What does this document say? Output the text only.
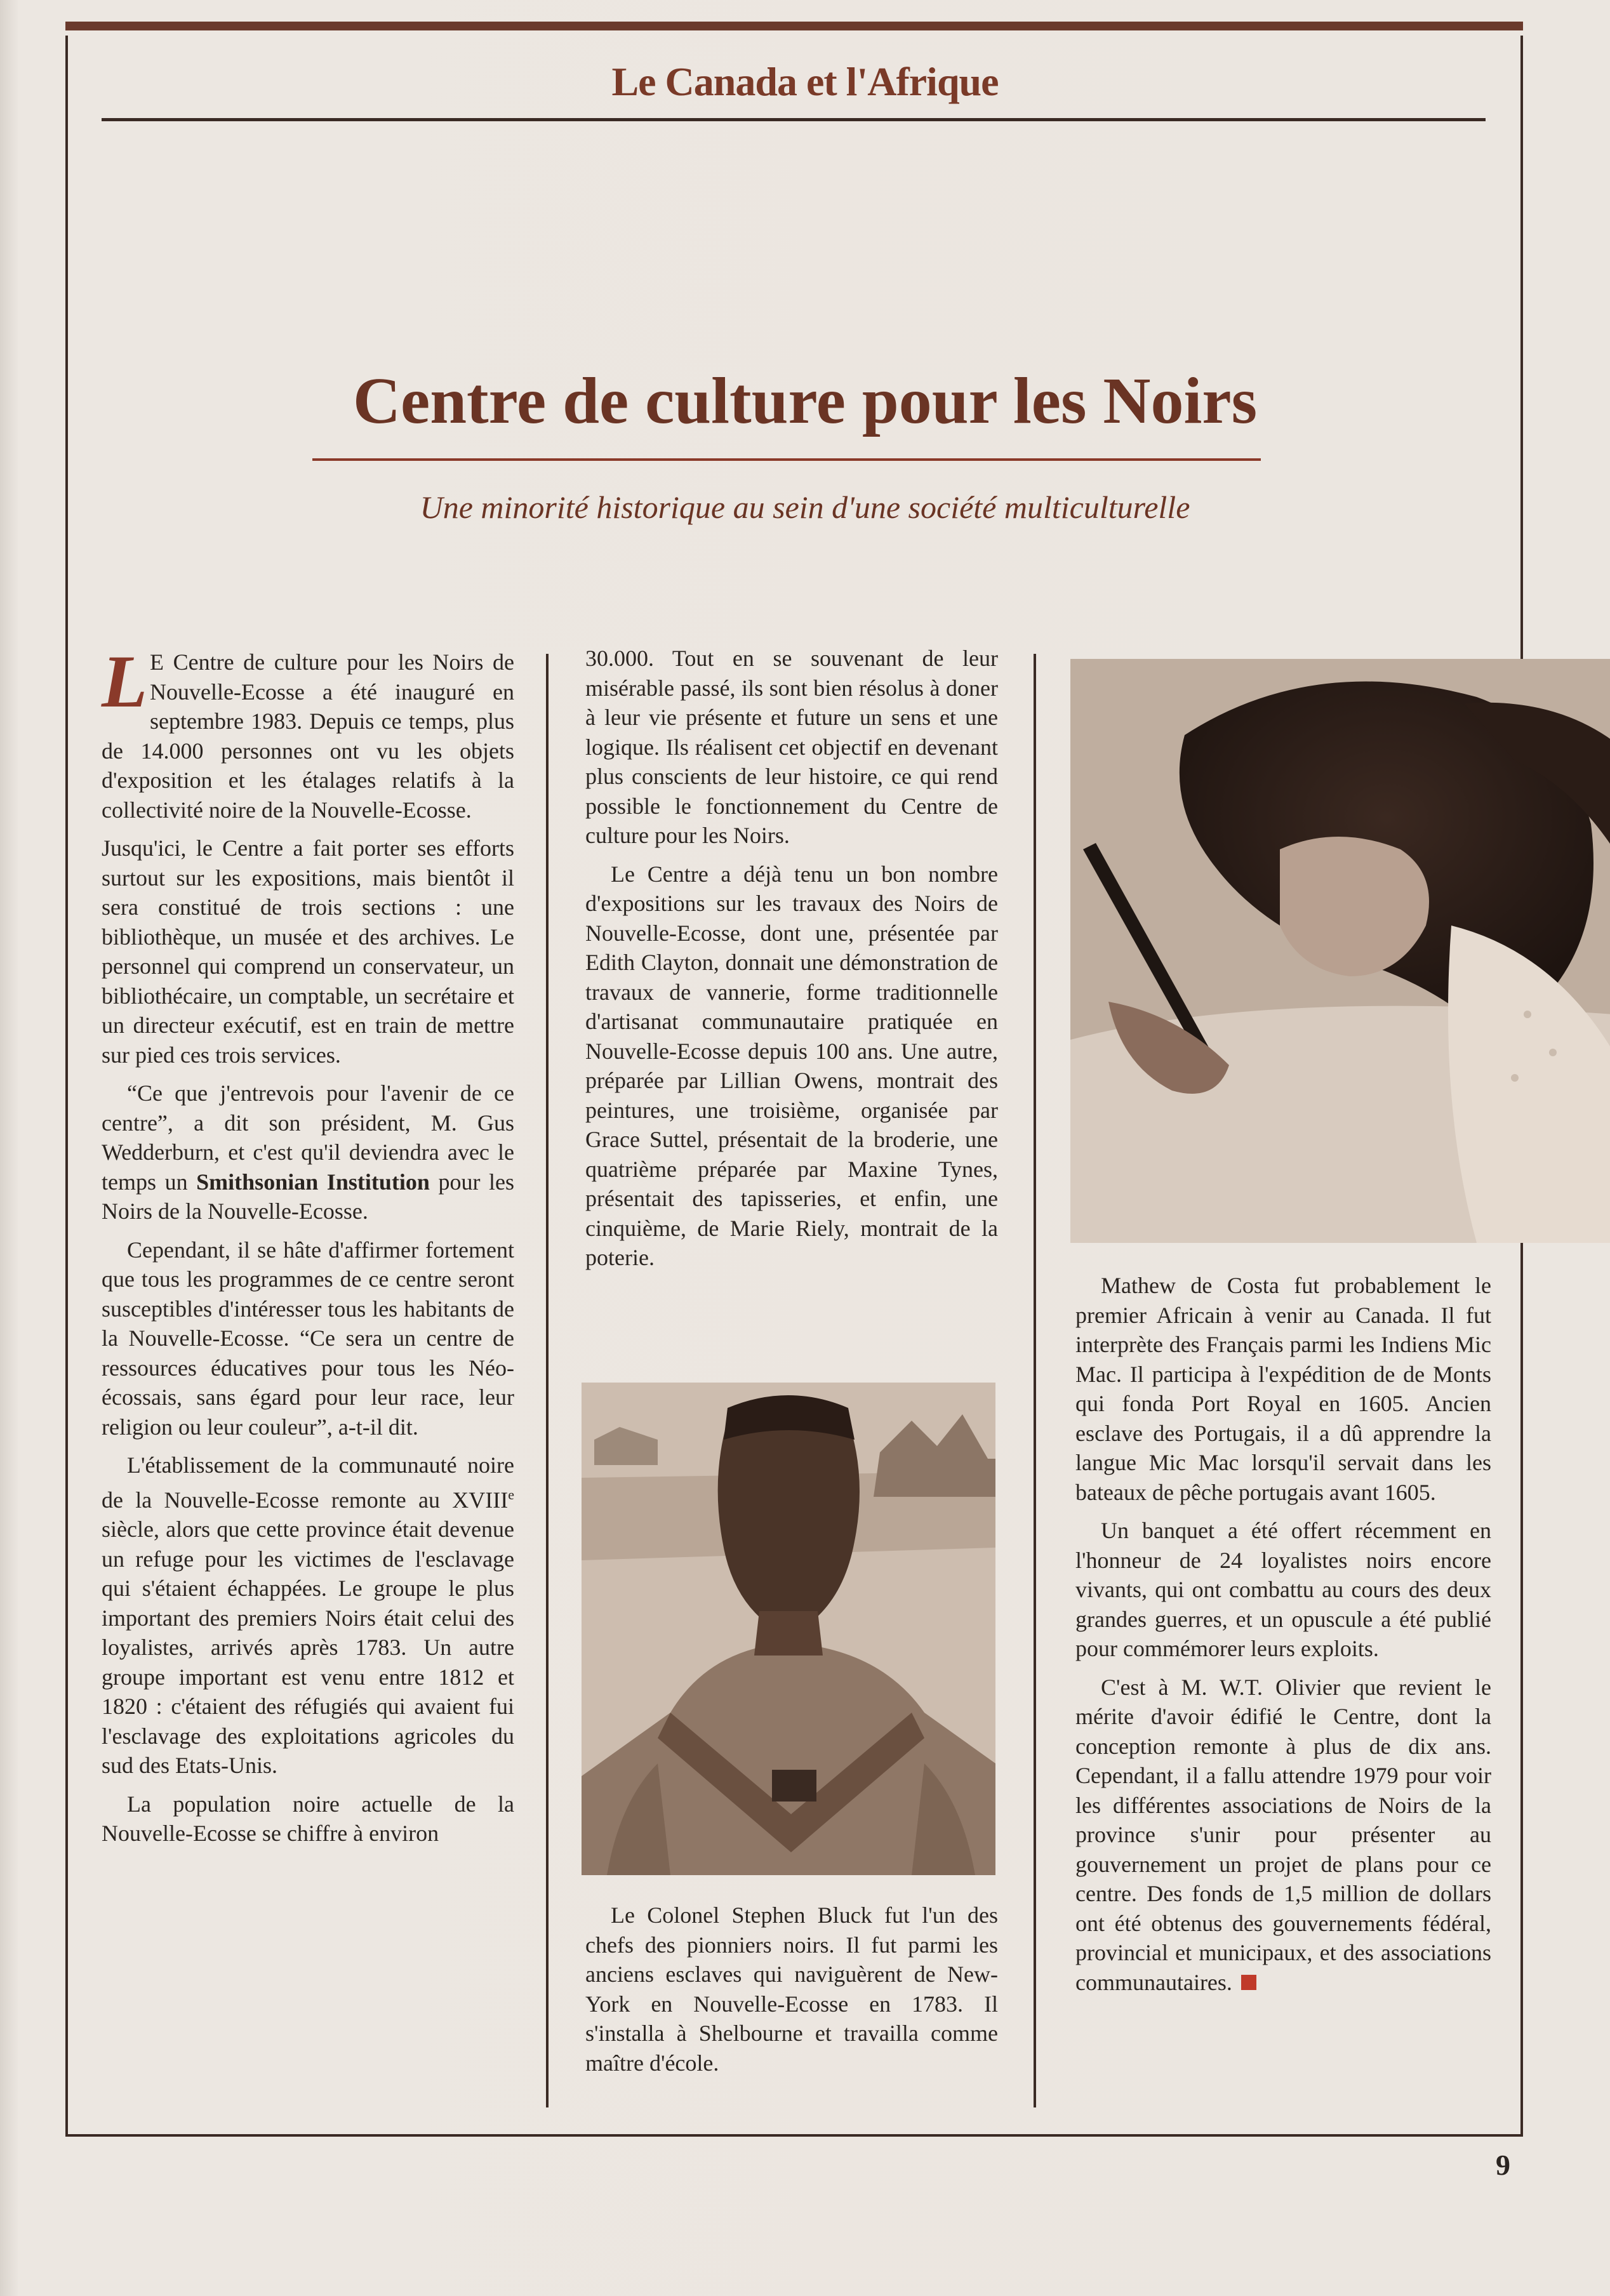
Le Canada et l'Afrique
Centre de culture pour les Noirs
Une minorité historique au sein d'une société multiculturelle

L E Centre de culture pour les Noirs de Nouvelle-Ecosse a été inauguré en septembre 1983. Depuis ce temps, plus de 14.000 personnes ont vu les objets d'exposition et les étalages relatifs à la collectivité noire de la Nouvelle-Ecosse.

Jusqu'ici, le Centre a fait porter ses efforts surtout sur les expositions, mais bientôt il sera constitué de trois sections : une bibliothèque, un musée et des archives. Le personnel qui comprend un conservateur, un bibliothécaire, un comptable, un secrétaire et un directeur exécutif, est en train de mettre sur pied ces trois services.

“Ce que j'entrevois pour l'avenir de ce centre”, a dit son président, M. Gus Wedderburn, et c'est qu'il deviendra avec le temps un Smithsonian Institution pour les Noirs de la Nouvelle-Ecosse.

Cependant, il se hâte d'affirmer fortement que tous les programmes de ce centre seront susceptibles d'intéresser tous les habitants de la Nouvelle-Ecosse. “Ce sera un centre de ressources éducatives pour tous les Néo-écossais, sans égard pour leur race, leur religion ou leur couleur”, a-t-il dit.

L'établissement de la communauté noire de la Nouvelle-Ecosse remonte au XVIIIe siècle, alors que cette province était devenue un refuge pour les victimes de l'esclavage qui s'étaient échappées. Le groupe le plus important des premiers Noirs était celui des loyalistes, arrivés après 1783. Un autre groupe important est venu entre 1812 et 1820 : c'étaient des réfugiés qui avaient fui l'esclavage des exploitations agricoles du sud des Etats-Unis.

La population noire actuelle de la Nouvelle-Ecosse se chiffre à environ

30.000. Tout en se souvenant de leur misérable passé, ils sont bien résolus à doner à leur vie présente et future un sens et une logique. Ils réalisent cet objectif en devenant plus conscients de leur histoire, ce qui rend possible le fonctionnement du Centre de culture pour les Noirs.

Le Centre a déjà tenu un bon nombre d'expositions sur les travaux des Noirs de Nouvelle-Ecosse, dont une, présentée par Edith Clayton, donnait une démonstration de travaux de vannerie, forme traditionnelle d'artisanat communautaire pratiquée en Nouvelle-Ecosse depuis 100 ans. Une autre, préparée par Lillian Owens, montrait des peintures, une troisième, organisée par Grace Suttel, présentait de la broderie, une quatrième préparée par Maxine Tynes, présentait des tapisseries, et enfin, une cinquième, de Marie Riely, montrait de la poterie.

Le Colonel Stephen Bluck fut l'un des chefs des pionniers noirs. Il fut parmi les anciens esclaves qui naviguèrent de New-York en Nouvelle-Ecosse en 1783. Il s'installa à Shelbourne et travailla comme maître d'école.

Mathew de Costa fut probablement le premier Africain à venir au Canada. Il fut interprète des Français parmi les Indiens Mic Mac. Il participa à l'expédition de de Monts qui fonda Port Royal en 1605. Ancien esclave des Portugais, il a dû apprendre la langue Mic Mac lorsqu'il servait dans les bateaux de pêche portugais avant 1605.

Un banquet a été offert récemment en l'honneur de 24 loyalistes noirs encore vivants, qui ont combattu au cours des deux grandes guerres, et un opuscule a été publié pour commémorer leurs exploits.

C'est à M. W.T. Olivier que revient le mérite d'avoir édifié le Centre, dont la conception remonte à plus de dix ans. Cependant, il a fallu attendre 1979 pour voir les différentes associations de Noirs de la province s'unir pour présenter au gouvernement un projet de plans pour ce centre. Des fonds de 1,5 million de dollars ont été obtenus des gouvernements fédéral, provincial et municipaux, et des associations communautaires.

9
